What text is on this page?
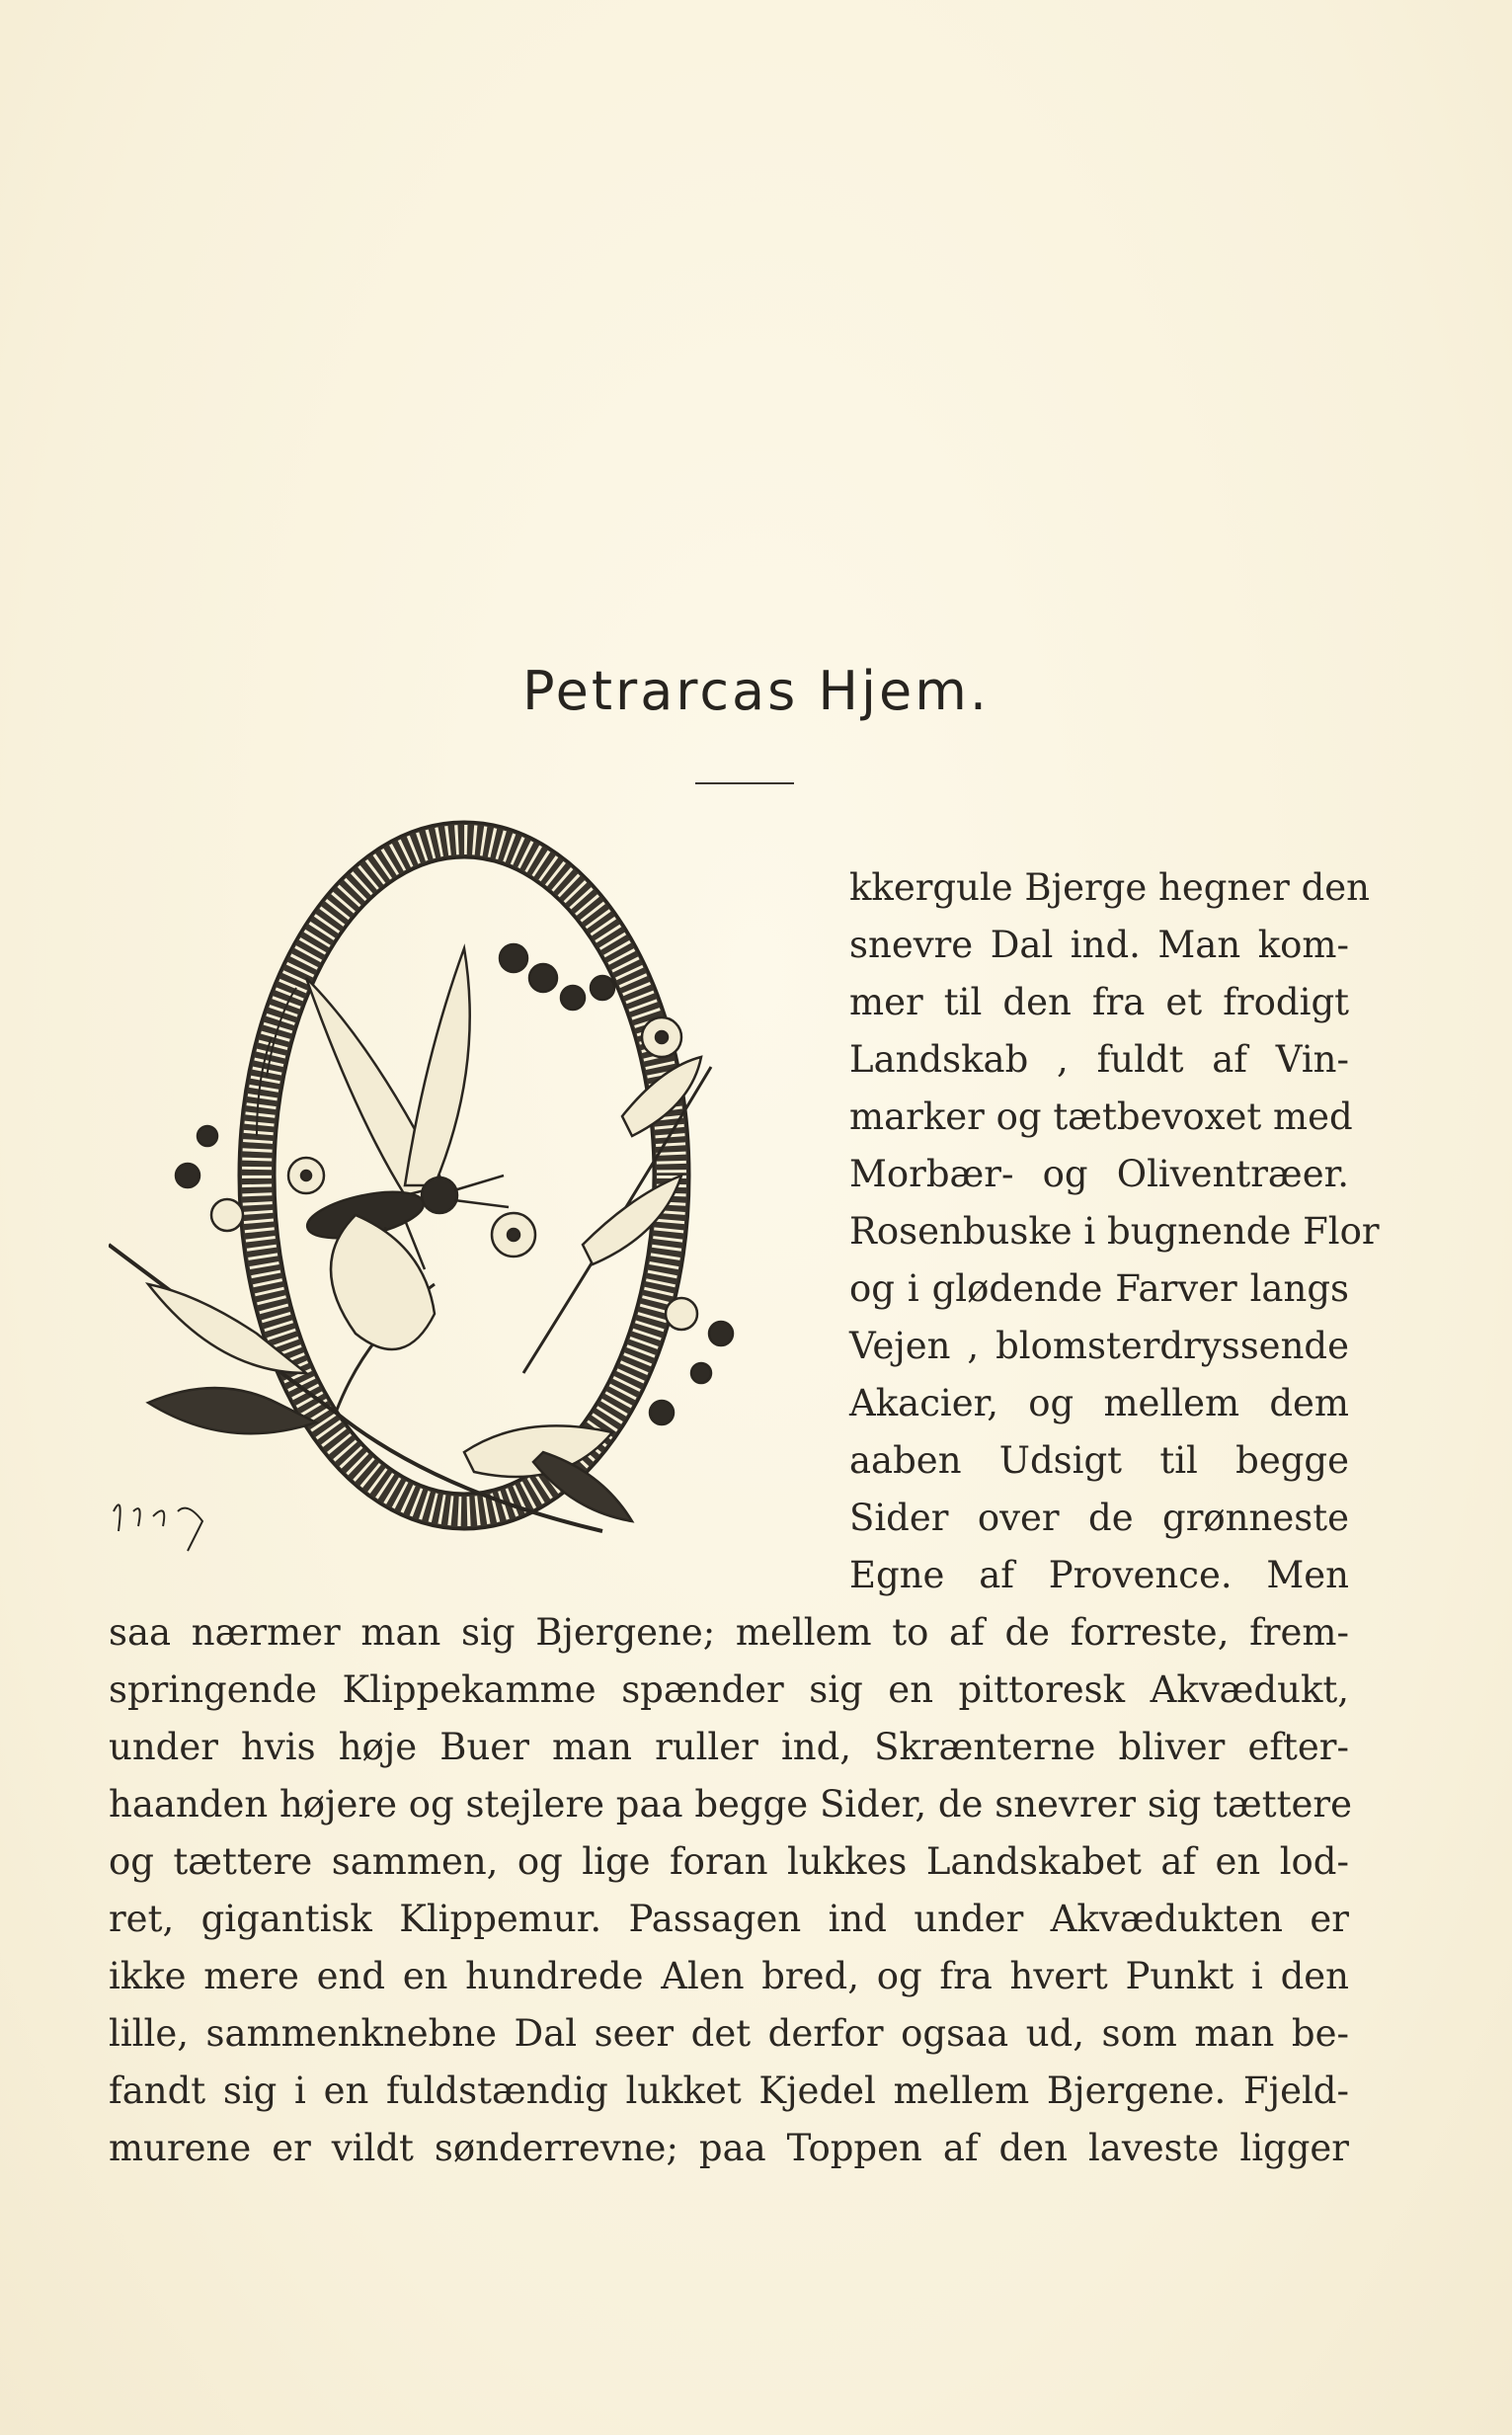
Petrarcas Hjem.
kkergule Bjerge hegner den
snevre Dal ind. Man kom-
mer til den fra et frodigt
Landskab , fuldt af Vin-
marker og tætbevoxet med
Morbær- og Oliventræer.
Rosenbuske i bugnende Flor
og i glødende Farver langs
Vejen , blomsterdryssende
Akacier, og mellem dem
aaben Udsigt til begge
Sider over de grønneste
Egne af Provence. Men
saa nærmer man sig Bjergene; mellem to af de forreste, frem-
springende Klippekamme spænder sig en pittoresk Akvædukt,
under hvis høje Buer man ruller ind, Skrænterne bliver efter-
haanden højere og stejlere paa begge Sider, de snevrer sig tættere
og tættere sammen, og lige foran lukkes Landskabet af en lod-
ret, gigantisk Klippemur. Passagen ind under Akvædukten er
ikke mere end en hundrede Alen bred, og fra hvert Punkt i den
lille, sammenknebne Dal seer det derfor ogsaa ud, som man be-
fandt sig i en fuldstændig lukket Kjedel mellem Bjergene. Fjeld-
murene er vildt sønderrevne; paa Toppen af den laveste ligger
